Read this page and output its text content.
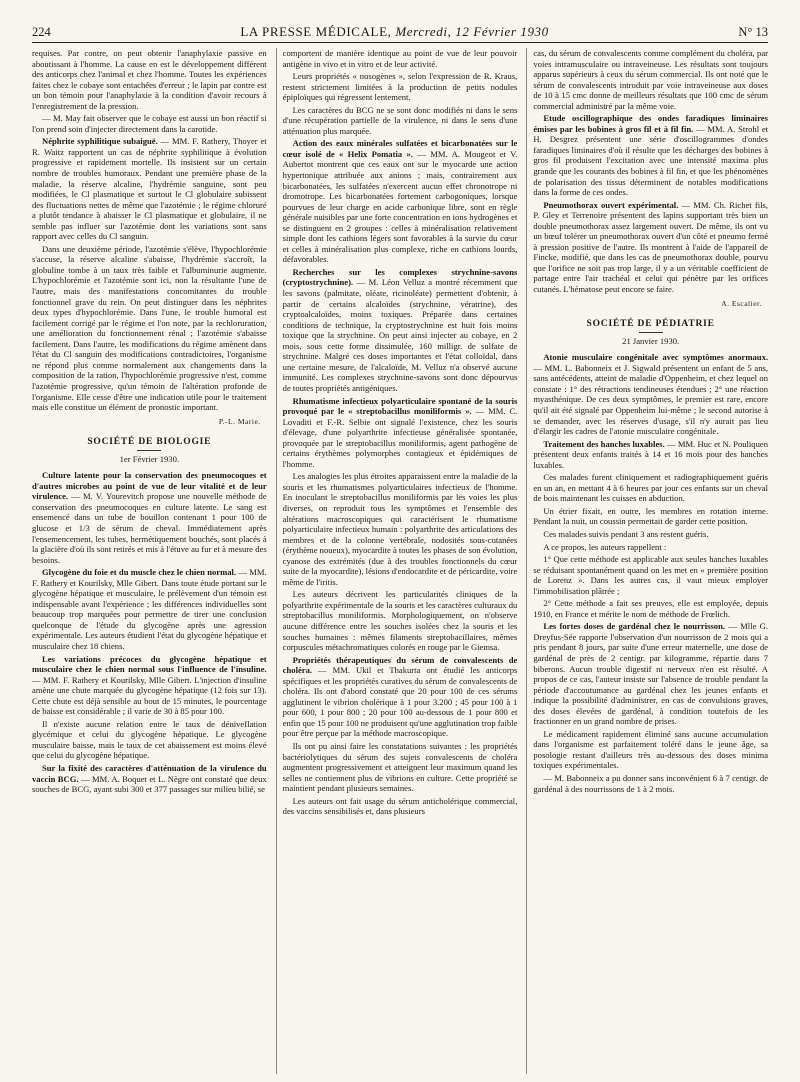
224	LA PRESSE MÉDICALE, Mercredi, 12 Février 1930	N° 13

requises. Par contre, on peut obtenir l'anaphylaxie passive en aboutissant à l'homme. La cause en est le développement différent des anticorps chez l'animal et chez l'homme. Toutes les expériences faites chez le cobaye sont entachées d'erreur ; le lapin par contre est un bon témoin pour l'anaphylaxie à la condition d'avoir recours à l'enregistrement de la pression.

— M. May fait observer que le cobaye est aussi un bon réactif si l'on prend soin d'injecter directement dans la carotide.

Néphrite syphilitique subaiguë. — MM. F. Rathery, Thoyer et R. Waitz rapportent un cas de néphrite syphilitique à évolution progressive et rapidement mortelle. Ils insistent sur un certain nombre de troubles humoraux. Pendant une première phase de la maladie, la réserve alcaline, l'hydrémie sanguine, sont peu modifiées, le Cl plasmatique et surtout le Cl globulaire subissent des fluctuations nettes de même que l'azotémie ; le régime chloruré a plutôt tendance à abaisser le Cl plasmatique et globulaire, il ne semble pas influer sur l'azotémie dont les variations sont sans rapport avec celles du Cl sanguin.

Dans une deuxième période, l'azotémie s'élève, l'hypochlorémie s'accuse, la réserve alcaline s'abaisse, l'hydrémie s'accroît, la globuline tombe à un taux très faible et l'albuminurie augmente. L'hypochlorémie et l'azotémie sont ici, non la résultante l'une de l'autre, mais des manifestations concomitantes du trouble fonctionnel grave du rein. On peut distinguer dans les néphrites deux types d'hypochlorémie. Dans l'une, le trouble humoral est facilement corrigé par le régime et l'on note, par la rechloruration, une amélioration du fonctionnement rénal ; l'azotémie s'abaisse facilement. Dans l'autre, les modifications du régime amènent dans l'état du Cl sanguin des modifications contradictoires, l'organisme ne répond plus comme normalement aux changements dans la composition de la ration, l'hypochlorémie progressive n'est, comme l'azotémie progressive, qu'un témoin de l'altération profonde de l'organisme. Elle cesse d'être une indication utile pour le traitement mais elle constitue un élément de pronostic important.

P.-L. Marie.
SOCIÉTÉ DE BIOLOGIE
1er Février 1930.

Culture latente pour la conservation des pneumocoques et d'autres microbes au point de vue de leur vitalité et de leur virulence. — M. V. Yourevitch propose une nouvelle méthode de conservation des pneumocoques en culture latente. Le sang est ensemencé dans un tube de bouillon contenant 1 pour 100 de glucose et 1/3 de sérum de cheval. Immédiatement après l'ensemencement, les tubes, hermétiquement bouchés, sont placés à la glacière d'où ils sont retirés et mis à l'étuve au fur et à mesure des besoins.

Glycogène du foie et du muscle chez le chien normal. — MM. F. Rathery et Kourilsky, Mlle Gibert. Dans toute étude portant sur le glycogène hépatique et musculaire, le prélèvement d'un témoin est indispensable avant l'expérience ; les différences individuelles sont beaucoup trop marquées pour permettre de tirer une conclusion quelconque de l'étude du glycogène après une agression expérimentale. Les auteurs étudient l'état du glycogène hépatique et musculaire chez 18 chiens.

Les variations précoces du glycogène hépatique et musculaire chez le chien normal sous l'influence de l'insuline. — MM. F. Rathery et Kourilsky, Mlle Gibert. L'injection d'insuline amène une chute marquée du glycogène hépatique (12 fois sur 13). Cette chute est déjà sensible au bout de 15 minutes, le pourcentage de baisse est considérable ; il varie de 30 à 85 pour 100.

Il n'existe aucune relation entre le taux de déniveIlation glycémique et celui du glycogène hépatique. Le glycogène musculaire baisse, mais le taux de cet abaissement est moins élevé que celui du glycogène hépatique.

Sur la fixité des caractères d'atténuation de la virulence du vaccin BCG. — MM. A. Boquet et L. Nègre ont constaté que deux souches de BCG, ayant subi 300 et 377 passages sur milieu bilié, se

comportent de manière identique au point de vue de leur pouvoir antigène in vivo et in vitro et de leur activité.

Leurs propriétés « nosogènes », selon l'expression de R. Kraus, restent strictement limitées à la production de petits nodules épiploïques qui régressent lentement.

Les caractères du BCG ne se sont donc modifiés ni dans le sens d'une récupération partielle de la virulence, ni dans le sens d'une atténuation plus marquée.

Action des eaux minérales sulfatées et bicarbonatées sur le cœur isolé de « Helix Pomatia ». — MM. A. Mougeot et V. Aubertot montrent que ces eaux ont sur le myocarde une action hypertonique attribuée aux anions ; mais, contrairement aux bicarbonatées, les sulfatées n'exercent aucun effet chronotrope ni dromotrope. Les bicarbonatées fortement carbogoniques, lorsque pourvues de leur charge en acide carbonique libre, sont en règle générale nuisibles par une forte concentration en ions hydrogènes et se distinguent en 2 groupes : celles à minéralisation relativement simple dont les cathions légers sont favorables à la survie du cœur et celles à minéralisation plus complexe, riche en cathions lourds, défavorables.

Recherches sur les complexes strychnine-savons (cryptostrychnine). — M. Léon Velluz a montré récemment que les savons (palmitate, oléate, ricinoléate) permettent d'obtenir, à partir de certains alcaloïdes (strychnine, vératrine), des cryptoalcaloïdes, moins toxiques. Préparée dans certaines conditions de technique, la cryptostrychnine est huit fois moins toxique que la strychnine. On peut ainsi injecter au cobaye, en 2 mois, sous cette forme dissimulée, 160 milligr. de sulfate de strychnine. Malgré ces doses importantes et l'état colloïdal, dans une certaine mesure, de l'alcaloïde, M. Velluz n'a observé aucune immunité. Les complexes strychnine-savons sont donc dépourvus de toutes propriétés antigéniques.

Rhumatisme infectieux polyarticulaire spontané de la souris provoqué par le « streptobacillus moniliformis ». — MM. C. Lovaditi et F.-R. Selbie ont signalé l'existence, chez les souris d'élevage, d'une polyarthrite infectieuse généralisée spontanée, provoquée par le streptobacillus moniliformis, agent pathogène de certains érythèmes polymorphes contagieux et épidémiques de l'homme.

Les analogies les plus étroites apparaissent entre la maladie de la souris et les rhumatismes polyarticulaires infectieux de l'homme. En inoculant le streptobacillus moniliformis par les voies les plus diverses, on reproduit tous les symptômes et l'ensemble des altérations macroscopiques qui caractérisent le rhumatisme polyarticulaire infectieux humain : polyarthrite des articulations des membres et de la colonne vertébrale, nodosités sous-cutanées (érythème noueux), myocardite à toutes les phases de son évolution, cyanose des extrémités (due à des troubles fonctionnels du cœur suite de la myocardite), lésions d'endocardite et de péricardite, voire même de l'iritis.

Les auteurs décrivent les particularités cliniques de la polyarthrite expérimentale de la souris et les caractères culturaux du streptobacillus moniliformis. Morphologiquement, on n'observe aucune différence entre les souches isolées chez la souris et les souches humaines : mêmes filaments streptobacillaires, mêmes corpuscules métachromatiques colorés en rouge par le Giemsa.

Propriétés thérapeutiques du sérum de convalescents de choléra. — MM. Ukil et Thakurta ont étudié les anticorps spécifiques et les propriétés curatives du sérum de convalescents de choléra. Ils ont d'abord constaté que 20 pour 100 de ces sérums agglutinent le vibrion cholérique à 1 pour 3.200 ; 45 pour 100 à 1 pour 600, 1 pour 800 ; 20 pour 100 au-dessous de 1 pour 800 et enfin que 15 pour 100 ne produisent qu'une agglutination trop faible pour être perçue par la méthode macroscopique.

Ils ont pu ainsi faire les constatations suivantes : les propriétés bactériolytiques du sérum des sujets convalescents de choléra augmentent progressivement et atteignent leur maximum quand les selles ne contiennent plus de vibrions en culture. Cette propriété se maintient pendant plusieurs semaines.

Les auteurs ont fait usage du sérum anticholérique commercial, des vaccins sensibilisés et, dans plusieurs

cas, du sérum de convalescents comme complément du choléra, par voies intramusculaire ou intraveineuse. Les résultats sont toujours apparus supérieurs à ceux du sérum commercial. Ils ont noté que le sérum de convalescents introduit par voie intraveineuse aux doses de 10 à 15 cmc donne de meilleurs résultats que 100 cmc de sérum commercial administré par la même voie.

Etude oscillographique des ondes faradiques liminaires émises par les bobines à gros fil et à fil fin. — MM. A. Strohl et H. Desgrez présentent une série d'oscillogrammes d'ondes faradiques liminaires d'où il résulte que les décharges des bobines à gros fil produisent l'excitation avec une intensité maxima plus grande que les courants des bobines à fil fin, et que les phénomènes de polarisation des tissus déterminent de notables modifications dans la forme de ces ondes.

Pneumothorax ouvert expérimental. — MM. Ch. Richet fils, P. Gley et Terrenoire présentent des lapins supportant très bien un double pneumothorax assez largement ouvert. De même, ils ont vu un bœuf tolérer un pneumothorax ouvert d'un côté et pneumo fermé à pression positive de l'autre. Ils montrent à l'aide de l'appareil de Fincke, modifié, que dans les cas de pneumothorax double, pourvu que l'orifice ne soit pas trop large, il y a un véritable coefficient de partage entre l'air trachéal et celui qui pénètre par les orifices cutanés. L'hématose peut encore se faire.

A. Escalier.
SOCIÉTÉ DE PÉDIATRIE
21 Janvier 1930.

Atonie musculaire congénitale avec symptômes anormaux. — MM. L. Babonneix et J. Sigwald présentent un enfant de 5 ans, sans antécédents, atteint de maladie d'Oppenheim, et chez lequel on constate : 1° des rétractions tendineuses étendues ; 2° une réaction myasthénique. De ces deux symptômes, le premier est rare, encore qu'il ait été signalé par Oppenheim lui-même ; le second autorise à se demander, avec les réserves d'usage, s'il n'y aurait pas lieu d'élargir les cadres de l'atonie musculaire congénitale.

Traitement des hanches luxables. — MM. Huc et N. Pouliquen présentent deux enfants traités à 14 et 16 mois pour des hanches luxables.

Ces malades furent cliniquement et radiographiquement guéris en un an, en mettant 4 à 6 heures par jour ces enfants sur un cheval de bois maintenant les cuisses en abduction.

Un étrier fixait, en outre, les membres en rotation interne. Pendant la nuit, un coussin permettait de garder cette position.

Ces malades suivis pendant 3 ans restent guéris.

A ce propos, les auteurs rappellent :

1° Que cette méthode est applicable aux seules hanches luxables se réduisant spontanément quand on les met en « première position de Lorenz ». Dans les autres cas, il vaut mieux employer l'immobilisation plâtrée ;

2° Cette méthode a fait ses preuves, elle est employée, depuis 1910, en France et mérite le nom de méthode de Frœlich.

Les fortes doses de gardénal chez le nourrisson. — Mlle G. Dreyfus-Sée rapporte l'observation d'un nourrisson de 2 mois qui a pris pendant 8 jours, par suite d'une erreur maternelle, une dose de gardénal de près de 2 centigr. par kilogramme, répartie dans 7 biberons. Aucun trouble digestif ni nerveux n'en est résulté. A propos de ce cas, l'auteur insiste sur l'absence de trouble pendant la période d'accoutumance au gardénal chez les jeunes enfants et indique la possibilité d'administrer, en cas de convulsions graves, des doses élevées de gardénal, à condition toutefois de les fractionner en un grand nombre de prises.

Le médicament rapidement éliminé sans aucune accumulation dans l'organisme est parfaitement toléré dans le jeune âge, sa posologie restant d'ailleurs très au-dessous des doses minima toxiques expérimentales.

— M. Babonneix a pu donner sans inconvénient 6 à 7 centigr. de gardénal à des nourrissons de 1 à 2 mois.
